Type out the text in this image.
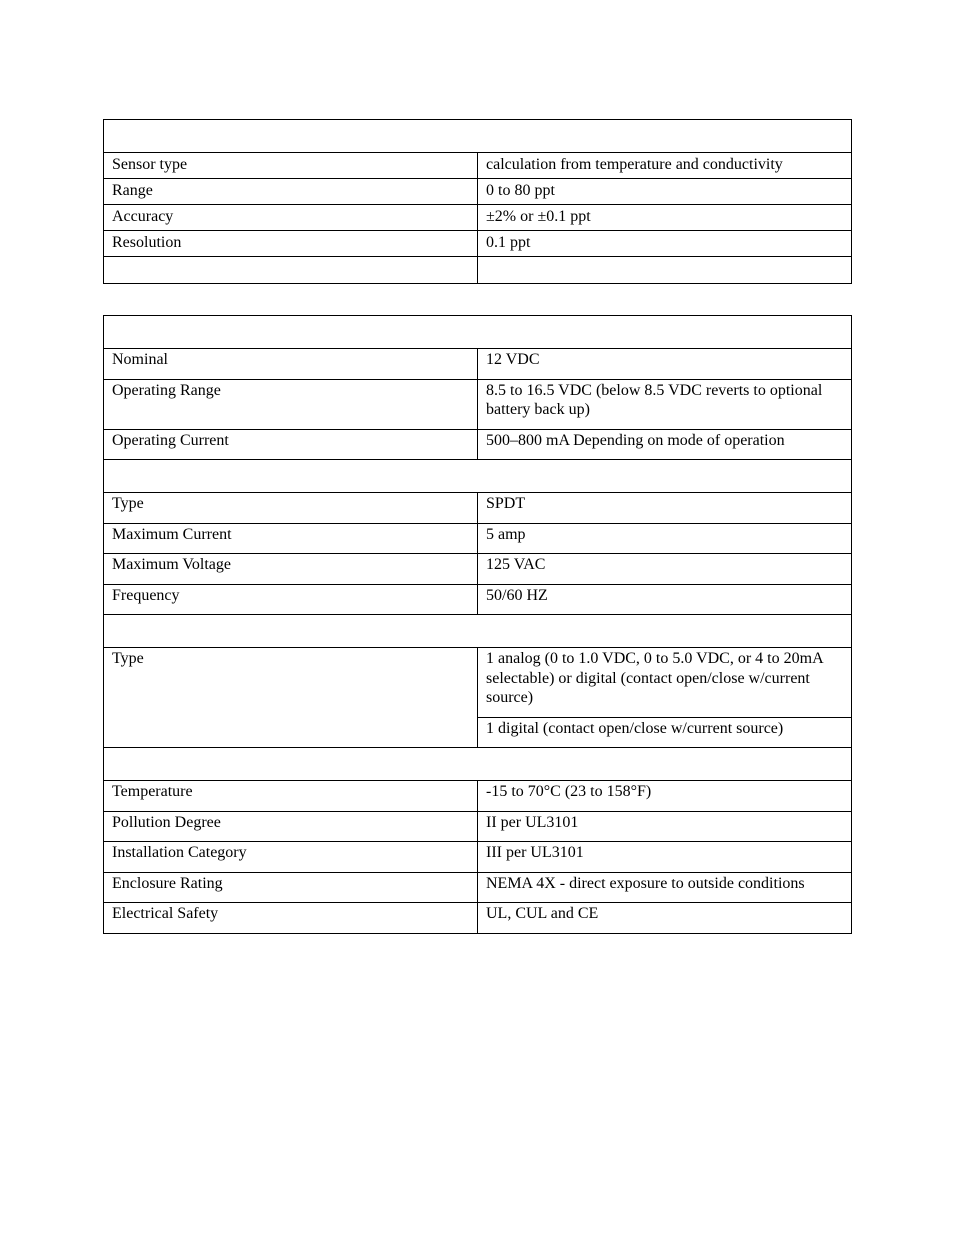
Sensor type	calculation from temperature and conductivity
Range	0 to 80 ppt
Accuracy	±2% or ±0.1 ppt
Resolution	0.1 ppt

Nominal	12 VDC
Operating Range	8.5 to 16.5 VDC (below 8.5 VDC reverts to optional battery back up)
Operating Current	500–800 mA Depending on mode of operation

Type	SPDT
Maximum Current	5 amp
Maximum Voltage	125 VAC
Frequency	50/60 HZ

Type	1 analog (0 to 1.0 VDC, 0 to 5.0 VDC, or 4 to 20mA selectable) or digital (contact open/close w/current source)
	1 digital (contact open/close w/current source)

Temperature	-15 to 70°C (23 to 158°F)
Pollution Degree	II per UL3101
Installation Category	III per UL3101
Enclosure Rating	NEMA 4X - direct exposure to outside conditions
Electrical Safety	UL, CUL and CE
